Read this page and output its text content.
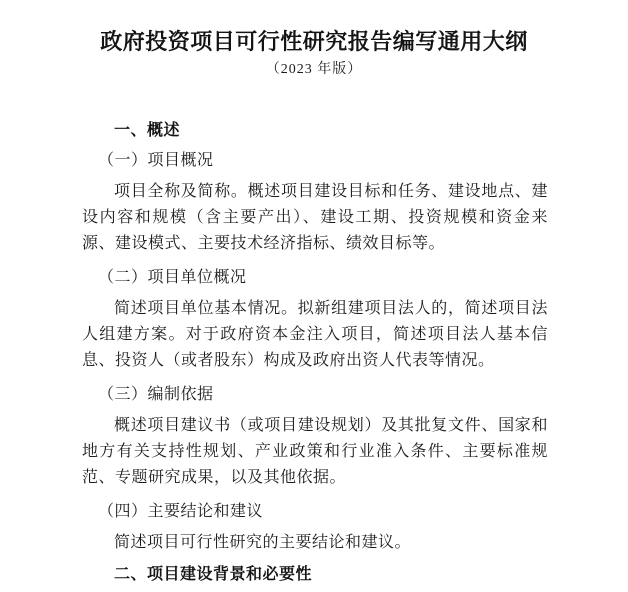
政府投资项目可行性研究报告编写通用大纲
（2023 年版）
一、概述
（一）项目概况

项目全称及简称。概述项目建设目标和任务、建设地点、建设内容和规模（含主要产出）、建设工期、投资规模和资金来源、建设模式、主要技术经济指标、绩效目标等。

（二）项目单位概况

简述项目单位基本情况。拟新组建项目法人的，简述项目法人组建方案。对于政府资本金注入项目，简述项目法人基本信息、投资人（或者股东）构成及政府出资人代表等情况。

（三）编制依据

概述项目建议书（或项目建设规划）及其批复文件、国家和地方有关支持性规划、产业政策和行业准入条件、主要标准规范、专题研究成果，以及其他依据。

（四）主要结论和建议

简述项目可行性研究的主要结论和建议。

二、项目建设背景和必要性
